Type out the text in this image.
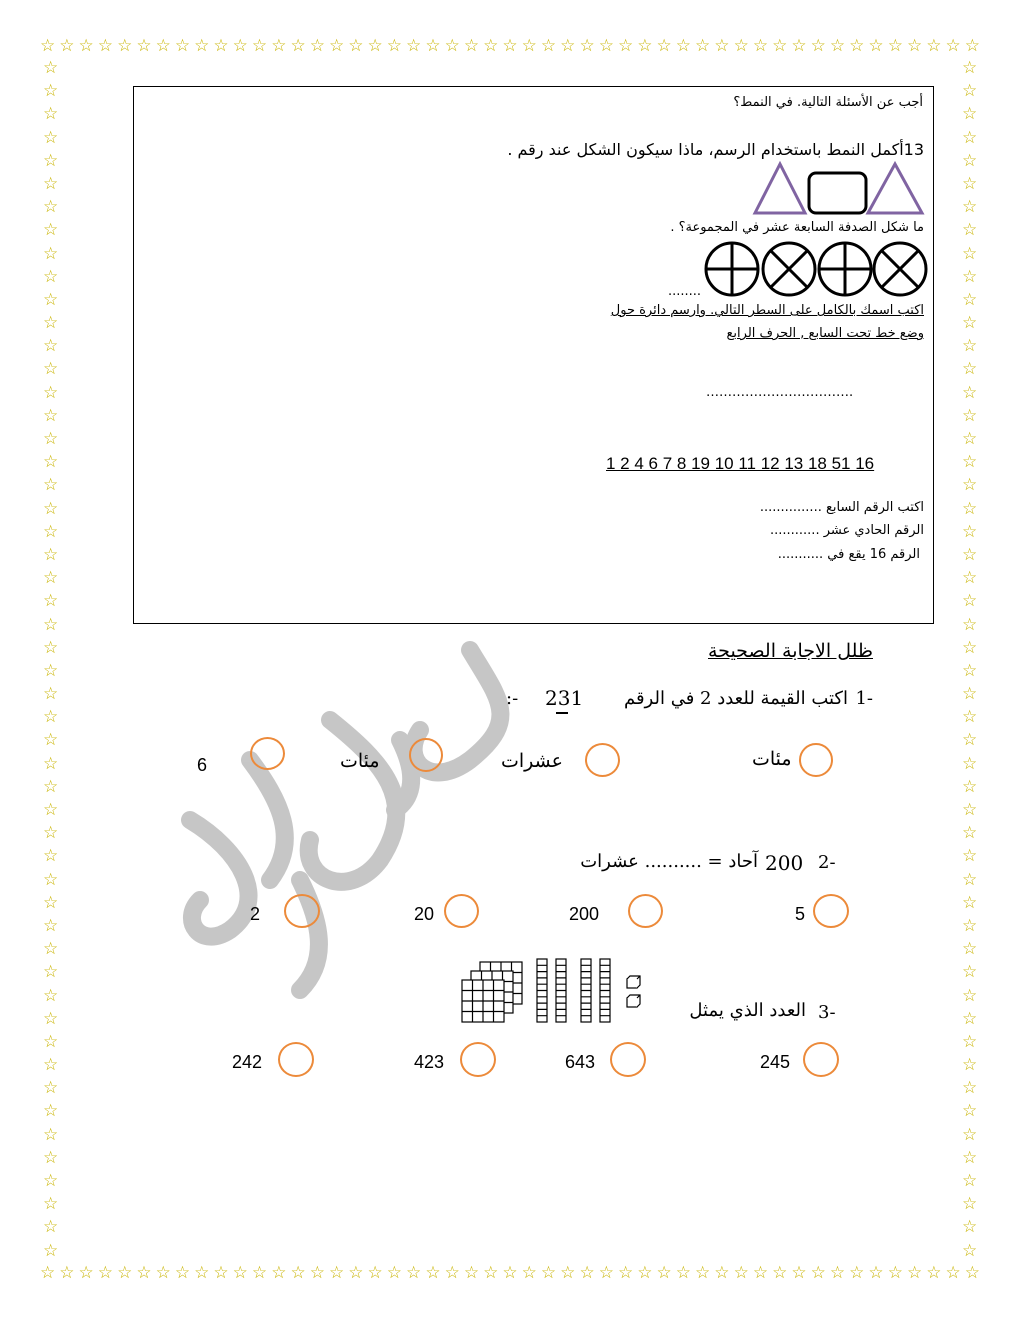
☆ ☆ ☆ ☆ ☆ ☆ ☆ ☆ ☆ ☆ ☆ ☆ ☆ ☆ ☆ ☆ ☆ ☆ ☆ ☆ ☆ ☆ ☆ ☆ ☆ ☆ ☆ ☆ ☆ ☆ ☆ ☆ ☆ ☆ ☆ ☆ ☆ ☆ ☆ ☆ ☆ ☆ ☆ ☆ ☆ ☆ ☆ ☆ ☆
☆ ☆ ☆ ☆ ☆ ☆ ☆ ☆ ☆ ☆ ☆ ☆ ☆ ☆ ☆ ☆ ☆ ☆ ☆ ☆ ☆ ☆ ☆ ☆ ☆ ☆ ☆ ☆ ☆ ☆ ☆ ☆ ☆ ☆ ☆ ☆ ☆ ☆ ☆ ☆ ☆ ☆ ☆ ☆ ☆ ☆ ☆ ☆ ☆
☆
☆
☆
☆
☆
☆
☆
☆
☆
☆
☆
☆
☆
☆
☆
☆
☆
☆
☆
☆
☆
☆
☆
☆
☆
☆
☆
☆
☆
☆
☆
☆
☆
☆
☆
☆
☆
☆
☆
☆
☆
☆
☆
☆
☆
☆
☆
☆
☆
☆
☆
☆
☆
☆
☆
☆
☆
☆
☆
☆
☆
☆
☆
☆
☆
☆
☆
☆
☆
☆
☆
☆
☆
☆
☆
☆
☆
☆
☆
☆
☆
☆
☆
☆
☆
☆
☆
☆
☆
☆
☆
☆
☆
☆
☆
☆
☆
☆
☆
☆
☆
☆
☆
☆
أجب عن الأسئلة التالية. في النمط؟
13أكمل النمط باستخدام الرسم، ماذا سيكون الشكل عند رقم .
ما شكل الصدفة السابعة عشر في المجموعة؟ .
........
اكتب اسمك بالكامل على السطر التالي. وارسم دائرة حول
وضع خط تحت السابع , الحرف الرابع
…………………………….
1 2 4 6 7 8 19 10 11 12 13 18 51 16
اكتب الرقم السابع ...............
الرقم الحادي عشر ............
الرقم 16 يقع في ...........
ظلل الاجابة الصحيحة
1-
اكتب القيمة للعدد 2 في الرقم
231
:-
مئات
عشرات
مئات
6
2-
200
آحاد = .......... عشرات
5
200
20
2
3-
العدد الذي يمثل
245
643
423
242
